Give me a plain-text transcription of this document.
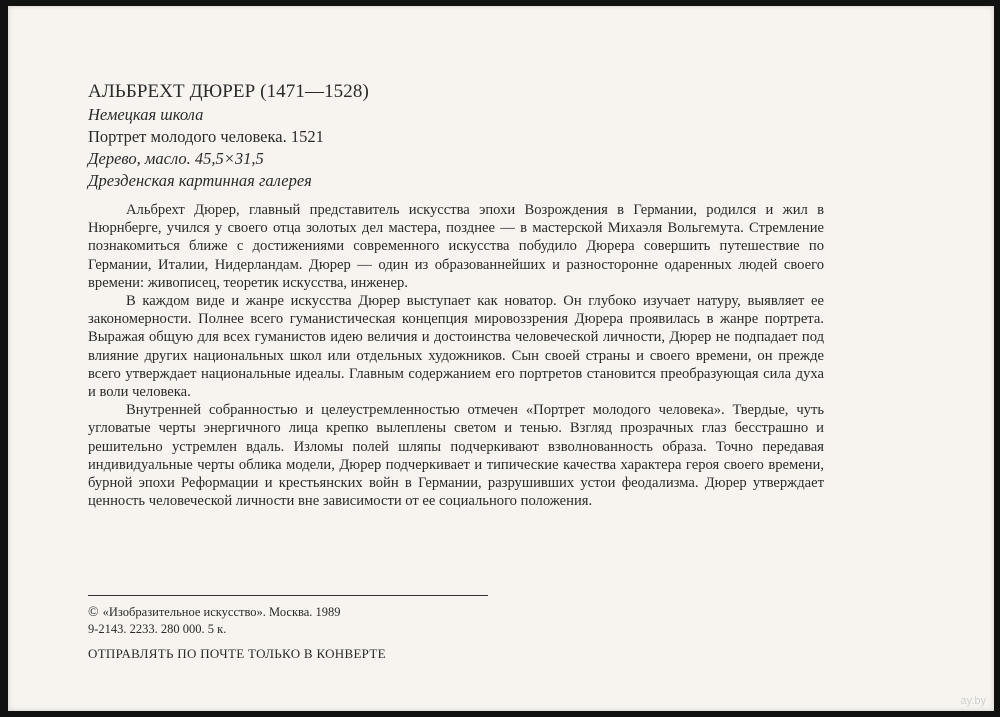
АЛЬБРЕХТ ДЮРЕР (1471—1528)
Немецкая школа
Портрет молодого человека. 1521
Дерево, масло. 45,5×31,5
Дрезденская картинная галерея

Альбрехт Дюрер, главный представитель искусства эпохи Возрождения в Германии, родился и жил в Нюрнберге, учился у своего отца золотых дел мастера, позднее — в мастерской Михаэля Вольгемута. Стремление познакомиться ближе с достижениями современного искусства побудило Дюрера совершить путешествие по Германии, Италии, Нидерландам. Дюрер — один из образованнейших и разносторонне одаренных людей своего времени: живописец, теоретик искусства, инженер.

В каждом виде и жанре искусства Дюрер выступает как новатор. Он глубоко изучает натуру, выявляет ее закономерности. Полнее всего гуманистическая концепция мировоззрения Дюрера проявилась в жанре портрета. Выражая общую для всех гуманистов идею величия и достоинства человеческой личности, Дюрер не подпадает под влияние других национальных школ или отдельных художников. Сын своей страны и своего времени, он прежде всего утверждает национальные идеалы. Главным содержанием его портретов становится преобразующая сила духа и воли человека.

Внутренней собранностью и целеустремленностью отмечен «Портрет молодого человека». Твердые, чуть угловатые черты энергичного лица крепко вылеплены светом и тенью. Взгляд прозрачных глаз бесстрашно и решительно устремлен вдаль. Изломы полей шляпы подчеркивают взволнованность образа. Точно передавая индивидуальные черты облика модели, Дюрер подчеркивает и типические качества характера героя своего времени, бурной эпохи Реформации и крестьянских войн в Германии, разрушивших устои феодализма. Дюрер утверждает ценность человеческой личности вне зависимости от ее социального положения.

© «Изобразительное искусство». Москва. 1989
9-2143. 2233. 280 000. 5 к.
ОТПРАВЛЯТЬ ПО ПОЧТЕ ТОЛЬКО В КОНВЕРТЕ
ay.by
